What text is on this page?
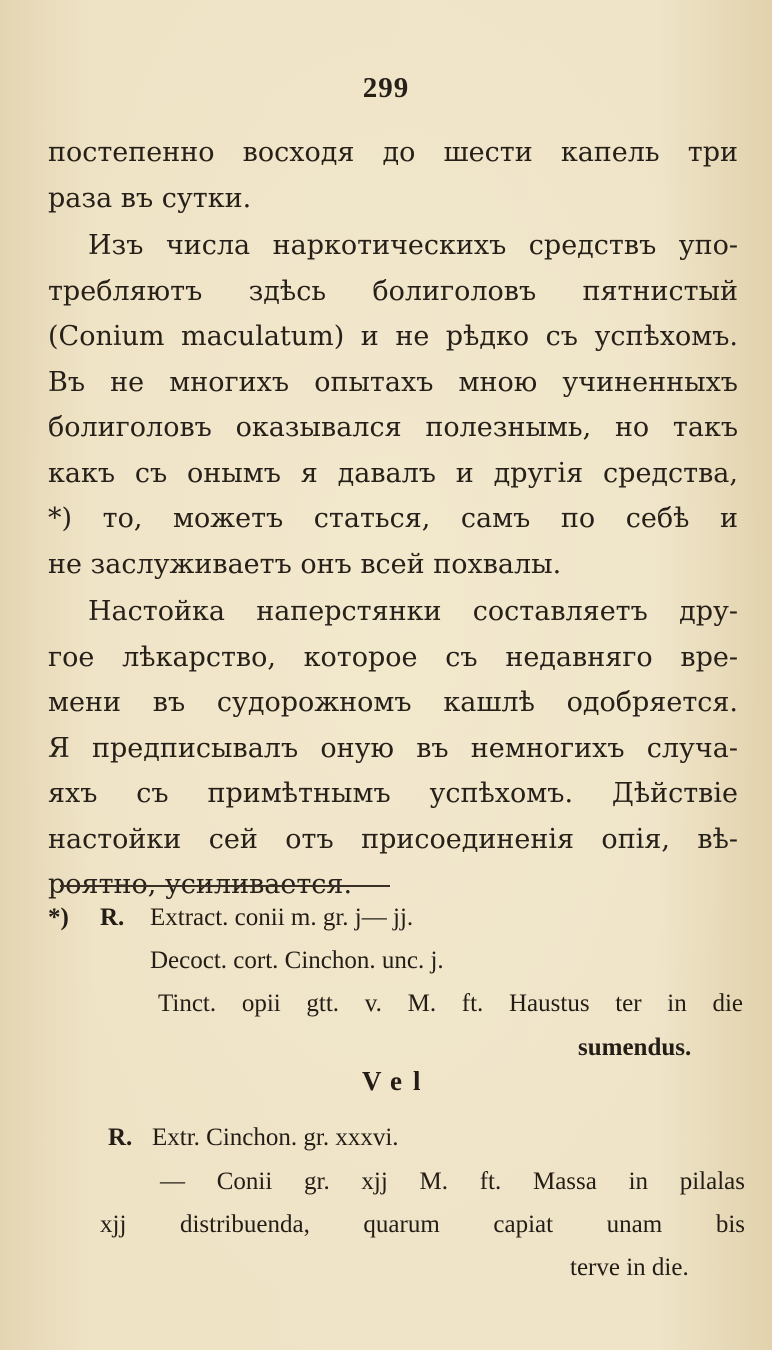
299
постепенно восходя до шести капель три
раза въ сутки.
Изъ числа наркотическихъ средствъ упо-
требляютъ здѣсь болиголовъ пятнистый
(Conium maculatum) и не рѣдко съ успѣхомъ.
Въ не многихъ опытахъ мною учиненныхъ
болиголовъ оказывался полезнымь, но такъ
какъ съ онымъ я давалъ и другія средства,
*) то, можетъ статься, самъ по себѣ и
не заслуживаетъ онъ всей похвалы.
Настойка наперстянки составляетъ дру-
гое лѣкарство, которое съ недавняго вре-
мени въ судорожномъ кашлѣ одобряется.
Я предписывалъ оную въ немногихъ случа-
яхъ съ примѣтнымъ успѣхомъ. Дѣйствіе
настойки сей отъ присоединенія опія, вѣ-
роятно, усиливается.
*) R. Extract. conii m. gr. j— jj.
Decoct. cort. Cinchon. unc. j.
Tinct. opii gtt. v. M. ft. Haustus ter in die
sumendus.
Vel
R. Extr. Cinchon. gr. xxxvi.
— Conii gr. xjj M. ft. Massa in pilalas
xjj distribuenda, quarum capiat unam bis
terve in die.
